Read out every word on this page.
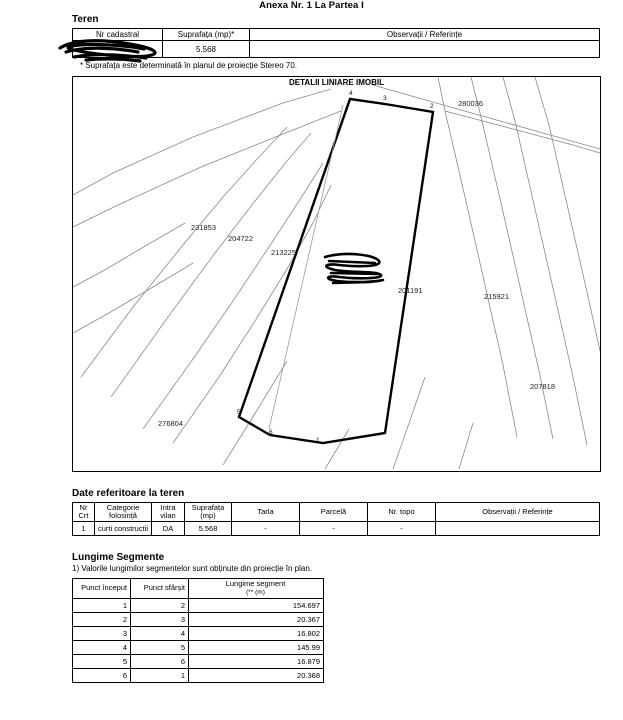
Anexa Nr. 1 La Partea I
Teren
Nr cadastral	Suprafața (mp)*	Observații / Referințe
	5.568	
* Suprafața este determinată în planul de proiecție Stereo 70.
DETALII LINIARE IMOBIL
231853
204722
213225
280036
201191
215921
207818
276804
4
3
2
5
6
1
Date referitoare la teren
Nr Crt	Categorie folosință	Intra vilan	Suprafața (mp)	Tarla	Parcelă	Nr. topo	Observații / Referințe
1	curti constructii	DA	5.568	-	-	-	
Lungime Segmente
1) Valorile lungimilor segmentelor sunt obținute din proiecție în plan.
Punct început	Punct sfârșit	Lungime segment
(** (m)
1	2	154.697
2	3	20.367
3	4	16.802
4	5	145.99
5	6	16.879
6	1	20.368
